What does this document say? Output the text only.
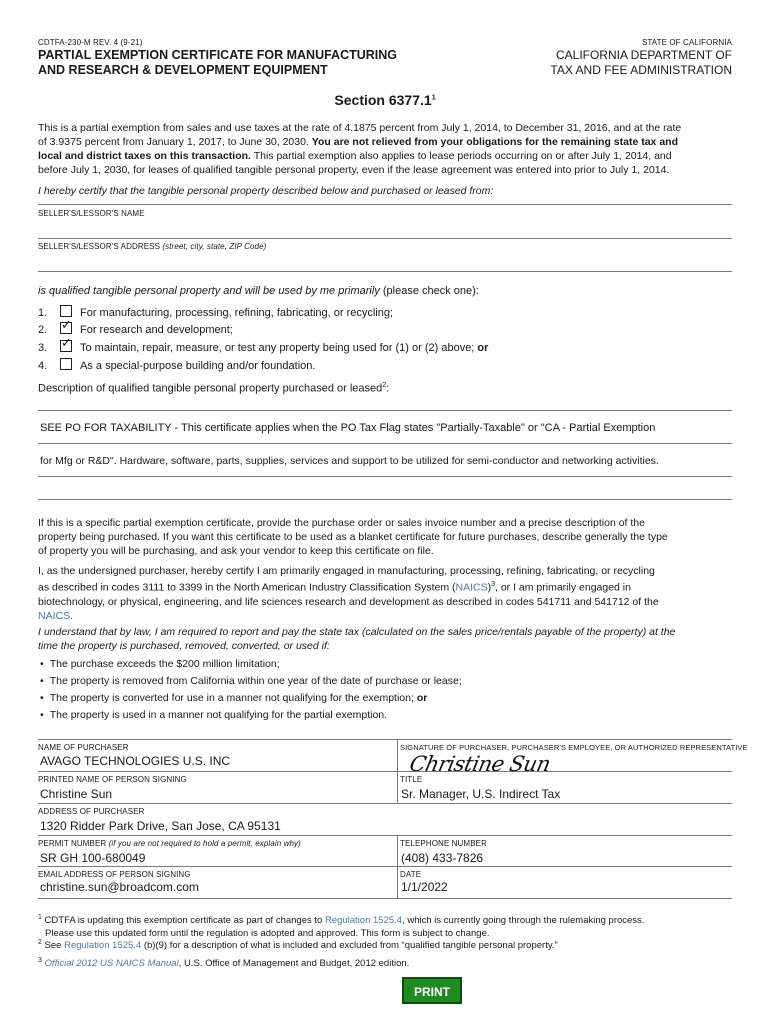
CDTFA-230-M REV. 4 (9-21)
PARTIAL EXEMPTION CERTIFICATE FOR MANUFACTURING
AND RESEARCH & DEVELOPMENT EQUIPMENT
STATE OF CALIFORNIA
CALIFORNIA DEPARTMENT OF
TAX AND FEE ADMINISTRATION
Section 6377.1$^1$
This is a partial exemption from sales and use taxes at the rate of 4.1875 percent from July 1, 2014, to December 31, 2016, and at the rate
of 3.9375 percent from January 1, 2017, to June 30, 2030. You are not relieved from your obligations for the remaining state tax and
local and district taxes on this transaction. This partial exemption also applies to lease periods occurring on or after July 1, 2014, and
before July 1, 2030, for leases of qualified tangible personal property, even if the lease agreement was entered into prior to July 1, 2014.
I hereby certify that the tangible personal property described below and purchased or leased from:
SELLER'S/LESSOR'S NAME
SELLER'S/LESSOR'S ADDRESS (street, city, state, ZIP Code)
is qualified tangible personal property and will be used by me primarily (please check one):
1.	For manufacturing, processing, refining, fabricating, or recycling;
2. ✓	For research and development;
3. ✓	To maintain, repair, measure, or test any property being used for (1) or (2) above; or
4.	As a special-purpose building and/or foundation.
Description of qualified tangible personal property purchased or leased$^2$:
SEE PO FOR TAXABILITY - This certificate applies when the PO Tax Flag states "Partially-Taxable" or "CA - Partial Exemption
for Mfg or R&D". Hardware, software, parts, supplies, services and support to be utilized for semi-conductor and networking activities.
If this is a specific partial exemption certificate, provide the purchase order or sales invoice number and a precise description of the
property being purchased. If you want this certificate to be used as a blanket certificate for future purchases, describe generally the type
of property you will be purchasing, and ask your vendor to keep this certificate on file.
I, as the undersigned purchaser, hereby certify I am primarily engaged in manufacturing, processing, refining, fabricating, or recycling
as described in codes 3111 to 3399 in the North American Industry Classification System (NAICS)$^3$, or I am primarily engaged in
biotechnology, or physical, engineering, and life sciences research and development as described in codes 541711 and 541712 of the
NAICS.
I understand that by law, I am required to report and pay the state tax (calculated on the sales price/rentals payable of the property) at the
time the property is purchased, removed, converted, or used if:
• The purchase exceeds the $200 million limitation;
• The property is removed from California within one year of the date of purchase or lease;
• The property is converted for use in a manner not qualifying for the exemption; or
• The property is used in a manner not qualifying for the partial exemption.
NAME OF PURCHASER
AVAGO TECHNOLOGIES U.S. INC
SIGNATURE OF PURCHASER, PURCHASER'S EMPLOYEE, OR AUTHORIZED REPRESENTATIVE
Christine Sun
PRINTED NAME OF PERSON SIGNING
Christine Sun
TITLE
Sr. Manager, U.S. Indirect Tax
ADDRESS OF PURCHASER
1320 Ridder Park Drive, San Jose, CA 95131
PERMIT NUMBER (if you are not required to hold a permit, explain why)
SR GH 100-680049
TELEPHONE NUMBER
(408) 433-7826
EMAIL ADDRESS OF PERSON SIGNING
christine.sun@broadcom.com
DATE
1/1/2022
$^1$ CDTFA is updating this exemption certificate as part of changes to Regulation 1525.4, which is currently going through the rulemaking process.
Please use this updated form until the regulation is adopted and approved. This form is subject to change.
$^2$ See Regulation 1525.4 (b)(9) for a description of what is included and excluded from “qualified tangible personal property.”
$^3$ Official 2012 US NAICS Manual, U.S. Office of Management and Budget, 2012 edition.
PRINT
